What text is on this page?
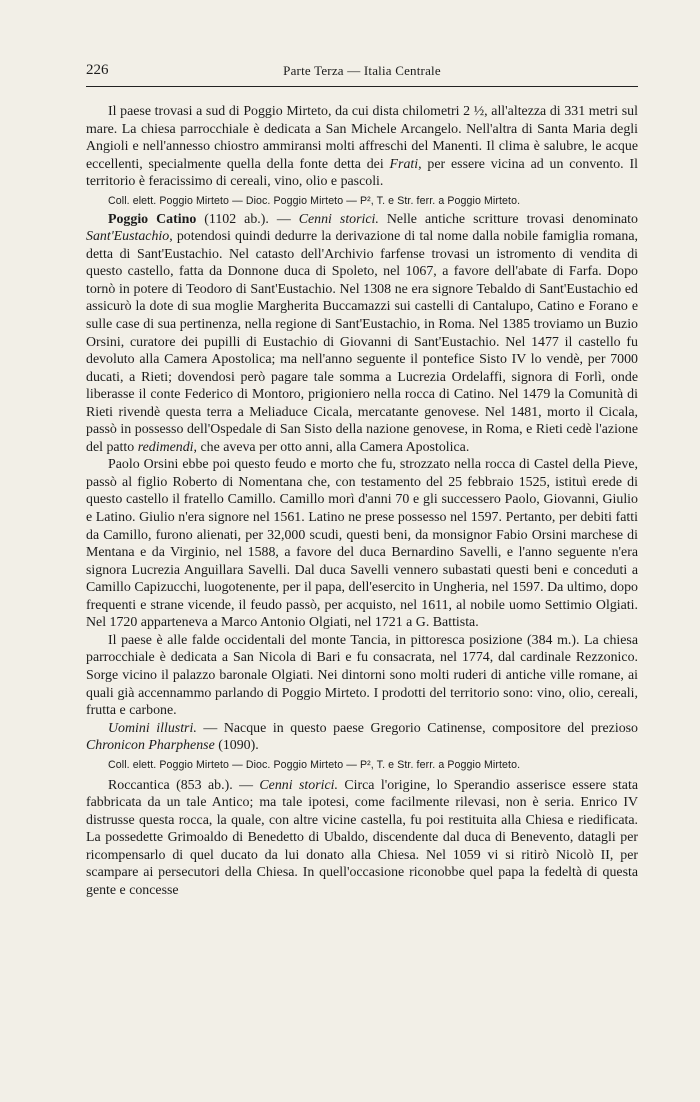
226	Parte Terza — Italia Centrale

Il paese trovasi a sud di Poggio Mirteto, da cui dista chilometri 2 ½, all'altezza di 331 metri sul mare. La chiesa parrocchiale è dedicata a San Michele Arcangelo. Nell'altra di Santa Maria degli Angioli e nell'annesso chiostro ammiransi molti affreschi del Manenti. Il clima è salubre, le acque eccellenti, specialmente quella della fonte detta dei Frati, per essere vicina ad un convento. Il territorio è feracissimo di cereali, vino, olio e pascoli.

Coll. elett. Poggio Mirteto — Dioc. Poggio Mirteto — P², T. e Str. ferr. a Poggio Mirteto.

Poggio Catino (1102 ab.). — Cenni storici. Nelle antiche scritture trovasi denominato Sant'Eustachio, potendosi quindi dedurre la derivazione di tal nome dalla nobile famiglia romana, detta di Sant'Eustachio. Nel catasto dell'Archivio farfense trovasi un istromento di vendita di questo castello, fatta da Donnone duca di Spoleto, nel 1067, a favore dell'abate di Farfa. Dopo tornò in potere di Teodoro di Sant'Eustachio. Nel 1308 ne era signore Tebaldo di Sant'Eustachio ed assicurò la dote di sua moglie Margherita Buccamazzi sui castelli di Cantalupo, Catino e Forano e sulle case di sua pertinenza, nella regione di Sant'Eustachio, in Roma. Nel 1385 troviamo un Buzio Orsini, curatore dei pupilli di Eustachio di Giovanni di Sant'Eustachio. Nel 1477 il castello fu devoluto alla Camera Apostolica; ma nell'anno seguente il pontefice Sisto IV lo vendè, per 7000 ducati, a Rieti; dovendosi però pagare tale somma a Lucrezia Ordelaffi, signora di Forlì, onde liberasse il conte Federico di Montoro, prigioniero nella rocca di Catino. Nel 1479 la Comunità di Rieti rivendè questa terra a Meliaduce Cicala, mercatante genovese. Nel 1481, morto il Cicala, passò in possesso dell'Ospedale di San Sisto della nazione genovese, in Roma, e Rieti cedè l'azione del patto redimendi, che aveva per otto anni, alla Camera Apostolica.

Paolo Orsini ebbe poi questo feudo e morto che fu, strozzato nella rocca di Castel della Pieve, passò al figlio Roberto di Nomentana che, con testamento del 25 febbraio 1525, istituì erede di questo castello il fratello Camillo. Camillo morì d'anni 70 e gli successero Paolo, Giovanni, Giulio e Latino. Giulio n'era signore nel 1561. Latino ne prese possesso nel 1597. Pertanto, per debiti fatti da Camillo, furono alienati, per 32,000 scudi, questi beni, da monsignor Fabio Orsini marchese di Mentana e da Virginio, nel 1588, a favore del duca Bernardino Savelli, e l'anno seguente n'era signora Lucrezia Anguillara Savelli. Dal duca Savelli vennero subastati questi beni e conceduti a Camillo Capizucchi, luogotenente, per il papa, dell'esercito in Ungheria, nel 1597. Da ultimo, dopo frequenti e strane vicende, il feudo passò, per acquisto, nel 1611, al nobile uomo Settimio Olgiati. Nel 1720 apparteneva a Marco Antonio Olgiati, nel 1721 a G. Battista.

Il paese è alle falde occidentali del monte Tancia, in pittoresca posizione (384 m.). La chiesa parrocchiale è dedicata a San Nicola di Bari e fu consacrata, nel 1774, dal cardinale Rezzonico. Sorge vicino il palazzo baronale Olgiati. Nei dintorni sono molti ruderi di antiche ville romane, ai quali già accennammo parlando di Poggio Mirteto. I prodotti del territorio sono: vino, olio, cereali, frutta e carbone.

Uomini illustri. — Nacque in questo paese Gregorio Catinense, compositore del prezioso Chronicon Pharphense (1090).

Coll. elett. Poggio Mirteto — Dioc. Poggio Mirteto — P², T. e Str. ferr. a Poggio Mirteto.

Roccantica (853 ab.). — Cenni storici. Circa l'origine, lo Sperandio asserisce essere stata fabbricata da un tale Antico; ma tale ipotesi, come facilmente rilevasi, non è seria. Enrico IV distrusse questa rocca, la quale, con altre vicine castella, fu poi restituita alla Chiesa e riedificata. La possedette Grimoaldo di Benedetto di Ubaldo, discendente dal duca di Benevento, datagli per ricompensarlo di quel ducato da lui donato alla Chiesa. Nel 1059 vi si ritirò Nicolò II, per scampare ai persecutori della Chiesa. In quell'occasione riconobbe quel papa la fedeltà di questa gente e concesse
